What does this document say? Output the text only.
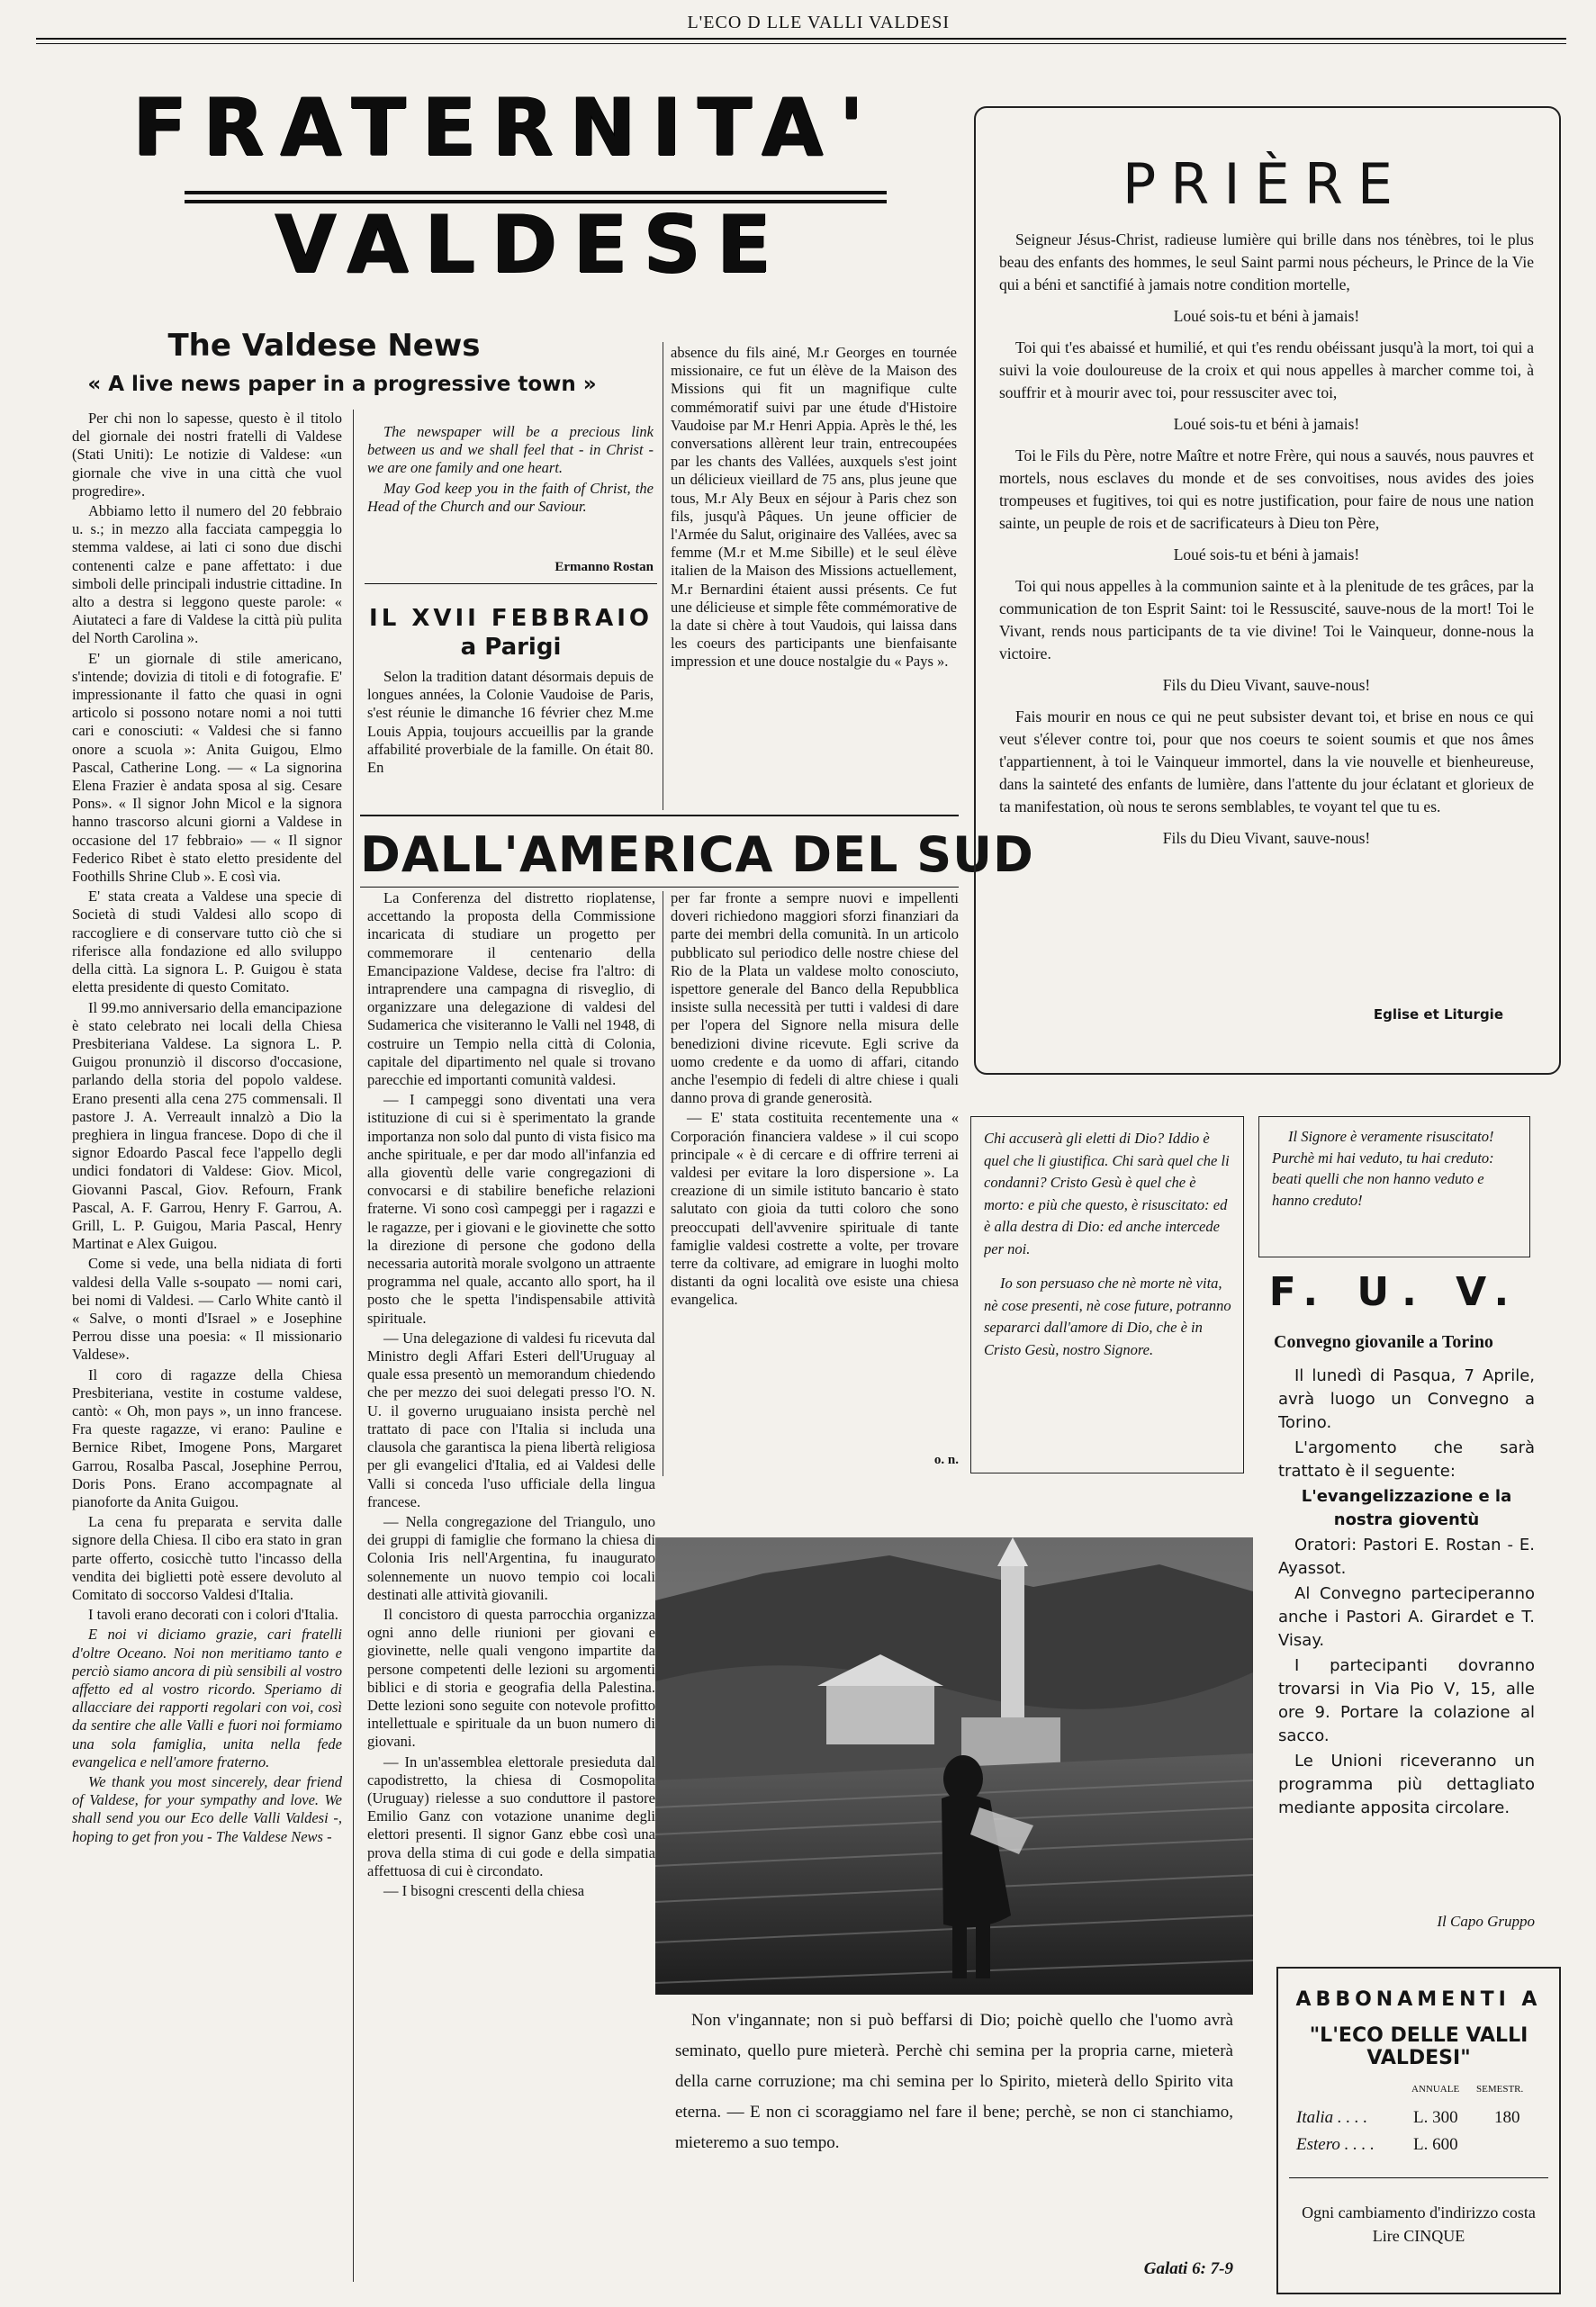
L'ECO D LLE VALLI VALDESI
FRATERNITA'
VALDESE
The Valdese News
« A live news paper in a progressive town »

Per chi non lo sapesse, questo è il titolo del giornale dei nostri fratelli di Valdese (Stati Uniti): Le notizie di Valdese: «un giornale che vive in una città che vuol progredire».

Abbiamo letto il numero del 20 febbraio u. s.; in mezzo alla facciata campeggia lo stemma valdese, ai lati ci sono due dischi contenenti calze e pane affettato: i due simboli delle principali industrie cittadine. In alto a destra si leggono queste parole: « Aiutateci a fare di Valdese la città più pulita del North Carolina ».

E' un giornale di stile americano, s'intende; dovizia di titoli e di fotografie. E' impressionante il fatto che quasi in ogni articolo si possono notare nomi a noi tutti cari e conosciuti: « Valdesi che si fanno onore a scuola »: Anita Guigou, Elmo Pascal, Catherine Long. — « La signorina Elena Frazier è andata sposa al sig. Cesare Pons». « Il signor John Micol e la signora hanno trascorso alcuni giorni a Valdese in occasione del 17 febbraio» — « Il signor Federico Ribet è stato eletto presidente del Foothills Shrine Club ». E così via.

E' stata creata a Valdese una specie di Società di studi Valdesi allo scopo di raccogliere e di conservare tutto ciò che si riferisce alla fondazione ed allo sviluppo della città. La signora L. P. Guigou è stata eletta presidente di questo Comitato.

Il 99.mo anniversario della emancipazione è stato celebrato nei locali della Chiesa Presbiteriana Valdese. La signora L. P. Guigou pronunziò il discorso d'occasione, parlando della storia del popolo valdese. Erano presenti alla cena 275 commensali. Il pastore J. A. Verreault innalzò a Dio la preghiera in lingua francese. Dopo di che il signor Edoardo Pascal fece l'appello degli undici fondatori di Valdese: Giov. Micol, Giovanni Pascal, Giov. Refourn, Frank Pascal, A. F. Garrou, Henry F. Garrou, A. Grill, L. P. Guigou, Maria Pascal, Henry Martinat e Alex Guigou.

Come si vede, una bella nidiata di forti valdesi della Valle s-soupato — nomi cari, bei nomi di Valdesi. — Carlo White cantò il « Salve, o monti d'Israel » e Josephine Perrou disse una poesia: « Il missionario Valdese».

Il coro di ragazze della Chiesa Presbiteriana, vestite in costume valdese, cantò: « Oh, mon pays », un inno francese. Fra queste ragazze, vi erano: Pauline e Bernice Ribet, Imogene Pons, Margaret Garrou, Rosalba Pascal, Josephine Perrou, Doris Pons. Erano accompagnate al pianoforte da Anita Guigou.

La cena fu preparata e servita dalle signore della Chiesa. Il cibo era stato in gran parte offerto, cosicchè tutto l'incasso della vendita dei biglietti potè essere devoluto al Comitato di soccorso Valdesi d'Italia.

I tavoli erano decorati con i colori d'Italia.

E noi vi diciamo grazie, cari fratelli d'oltre Oceano. Noi non meritiamo tanto e perciò siamo ancora di più sensibili al vostro affetto ed al vostro ricordo. Speriamo di allacciare dei rapporti regolari con voi, così da sentire che alle Valli e fuori noi formiamo una sola famiglia, unita nella fede evangelica e nell'amore fraterno.

We thank you most sincerely, dear friend of Valdese, for your sympathy and love. We shall send you our Eco delle Valli Valdesi -, hoping to get fron you - The Valdese News -

The newspaper will be a precious link between us and we shall feel that - in Christ - we are one family and one heart.

May God keep you in the faith of Christ, the Head of the Church and our Saviour.

Ermanno Rostan
IL XVII FEBBRAIO
a Parigi

Selon la tradition datant désormais depuis de longues années, la Colonie Vaudoise de Paris, s'est réunie le dimanche 16 février chez M.me Louis Appia, toujours accueillis par la grande affabilité proverbiale de la famille. On était 80. En

absence du fils ainé, M.r Georges en tournée missionaire, ce fut un élève de la Maison des Missions qui fit un magnifique culte commémoratif suivi par une étude d'Histoire Vaudoise par M.r Henri Appia. Après le thé, les conversations allèrent leur train, entrecoupées par les chants des Vallées, auxquels s'est joint un délicieux vieillard de 75 ans, plus jeune que tous, M.r Aly Beux en séjour à Paris chez son fils, jusqu'à Pâques. Un jeune officier de l'Armée du Salut, originaire des Vallées, avec sa femme (M.r et M.me Sibille) et le seul élève italien de la Maison des Missions actuellement, M.r Bernardini étaient aussi présents. Ce fut une délicieuse et simple fête commémorative de la date si chère à tout Vaudois, qui laissa dans les coeurs des participants une bienfaisante impression et une douce nostalgie du « Pays ».

DALL'AMERICA DEL SUD

La Conferenza del distretto rioplatense, accettando la proposta della Commissione incaricata di studiare un progetto per commemorare il centenario della Emancipazione Valdese, decise fra l'altro: di intraprendere una campagna di risveglio, di organizzare una delegazione di valdesi del Sudamerica che visiteranno le Valli nel 1948, di costruire un Tempio nella città di Colonia, capitale del dipartimento nel quale si trovano parecchie ed importanti comunità valdesi.

— I campeggi sono diventati una vera istituzione di cui si è sperimentato la grande importanza non solo dal punto di vista fisico ma anche spirituale, e per dar modo all'infanzia ed alla gioventù delle varie congregazioni di convocarsi e di stabilire benefiche relazioni fraterne. Vi sono così campeggi per i ragazzi e le ragazze, per i giovani e le giovinette che sotto la direzione di persone che godono della necessaria autorità morale svolgono un attraente programma nel quale, accanto allo sport, ha il posto che le spetta l'indispensabile attività spirituale.

— Una delegazione di valdesi fu ricevuta dal Ministro degli Affari Esteri dell'Uruguay al quale essa presentò un memorandum chiedendo che per mezzo dei suoi delegati presso l'O. N. U. il governo uruguaiano insista perchè nel trattato di pace con l'Italia si includa una clausola che garantisca la piena libertà religiosa per gli evangelici d'Italia, ed ai Valdesi delle Valli si conceda l'uso ufficiale della lingua francese.

— Nella congregazione del Triangulo, uno dei gruppi di famiglie che formano la chiesa di Colonia Iris nell'Argentina, fu inaugurato solennemente un nuovo tempio coi locali destinati alle attività giovanili.

Il concistoro di questa parrocchia organizza ogni anno delle riunioni per giovani e giovinette, nelle quali vengono impartite da persone competenti delle lezioni su argomenti biblici e di storia e geografia della Palestina. Dette lezioni sono seguite con notevole profitto intellettuale e spirituale da un buon numero di giovani.

— In un'assemblea elettorale presieduta dal capodistretto, la chiesa di Cosmopolita (Uruguay) rielesse a suo conduttore il pastore Emilio Ganz con votazione unanime degli elettori presenti. Il signor Ganz ebbe così una prova della stima di cui gode e della simpatia affettuosa di cui è circondato.

— I bisogni crescenti della chiesa

per far fronte a sempre nuovi e impellenti doveri richiedono maggiori sforzi finanziari da parte dei membri della comunità. In un articolo pubblicato sul periodico delle nostre chiese del Rio de la Plata un valdese molto conosciuto, ispettore generale del Banco della Repubblica insiste sulla necessità per tutti i valdesi di dare per l'opera del Signore nella misura delle benedizioni divine ricevute. Egli scrive da uomo credente e da uomo di affari, citando anche l'esempio di fedeli di altre chiese i quali danno prova di grande generosità.

— E' stata costituita recentemente una « Corporación financiera valdese » il cui scopo principale « è di cercare e di offrire terreni ai valdesi per evitare la loro dispersione ». La creazione di un simile istituto bancario è stato salutato con gioia da tutti coloro che sono preoccupati dell'avvenire spirituale di tante famiglie valdesi costrette a volte, per trovare terre da coltivare, ad emigrare in luoghi molto distanti da ogni località ove esiste una chiesa evangelica.

o. n.
PRIÈRE

Seigneur Jésus-Christ, radieuse lumière qui brille dans nos ténèbres, toi le plus beau des enfants des hommes, le seul Saint parmi nous pécheurs, le Prince de la Vie qui a béni et sanctifié à jamais notre condition mortelle,

Loué sois-tu et béni à jamais!

Toi qui t'es abaissé et humilié, et qui t'es rendu obéissant jusqu'à la mort, toi qui a suivi la voie douloureuse de la croix et qui nous appelles à marcher comme toi, à souffrir et à mourir avec toi, pour ressusciter avec toi,

Loué sois-tu et béni à jamais!

Toi le Fils du Père, notre Maître et notre Frère, qui nous a sauvés, nous pauvres et mortels, nous esclaves du monde et de ses convoitises, nous avides des joies trompeuses et fugitives, toi qui es notre justification, pour faire de nous une nation sainte, un peuple de rois et de sacrificateurs à Dieu ton Père,

Loué sois-tu et béni à jamais!

Toi qui nous appelles à la communion sainte et à la plenitude de tes grâces, par la communication de ton Esprit Saint: toi le Ressuscité, sauve-nous de la mort! Toi le Vivant, rends nous participants de ta vie divine! Toi le Vainqueur, donne-nous la victoire.

Fils du Dieu Vivant, sauve-nous!

Fais mourir en nous ce qui ne peut subsister devant toi, et brise en nous ce qui veut s'élever contre toi, pour que nos coeurs te soient soumis et que nos âmes t'appartiennent, à toi le Vainqueur immortel, dans la vie nouvelle et bienheureuse, dans la sainteté des enfants de lumière, dans l'attente du jour éclatant et glorieux de ta manifestation, où nous te serons semblables, te voyant tel que tu es.

Fils du Dieu Vivant, sauve-nous!

Eglise et Liturgie

Chi accuserà gli eletti di Dio? Iddio è quel che li giustifica. Chi sarà quel che li condanni? Cristo Gesù è quel che è morto: e più che questo, è risuscitato: ed è alla destra di Dio: ed anche intercede per noi.

Io son persuaso che nè morte nè vita, nè cose presenti, nè cose future, potranno separarci dall'amore di Dio, che è in Cristo Gesù, nostro Signore.

Il Signore è veramente risuscitato! Purchè mi hai veduto, tu hai creduto: beati quelli che non hanno veduto e hanno creduto!

F. U. V.
Convegno giovanile a Torino

Il lunedì di Pasqua, 7 Aprile, avrà luogo un Convegno a Torino.

L'argomento che sarà trattato è il seguente:

L'evangelizzazione e la nostra gioventù

Oratori: Pastori E. Rostan - E. Ayassot.

Al Convegno parteciperanno anche i Pastori A. Girardet e T. Visay.

I partecipanti dovranno trovarsi in Via Pio V, 15, alle ore 9. Portare la colazione al sacco.

Le Unioni riceveranno un programma più dettagliato mediante apposita circolare.

Il Capo Gruppo

Non v'ingannate; non si può beffarsi di Dio; poichè quello che l'uomo avrà seminato, quello pure mieterà. Perchè chi semina per la propria carne, mieterà della carne corruzione; ma chi semina per lo Spirito, mieterà dello Spirito vita eterna. — E non ci scoraggiamo nel fare il bene; perchè, se non ci stanchiamo, mieteremo a suo tempo.

Galati 6: 7-9
ABBONAMENTI A
"L'ECO DELLE VALLI VALDESI"
ANNUALE SEMESTR.
Italia . . . .	L. 300 180
Estero . . . . L. 600
Ogni cambiamento d'indirizzo costa Lire CINQUE
